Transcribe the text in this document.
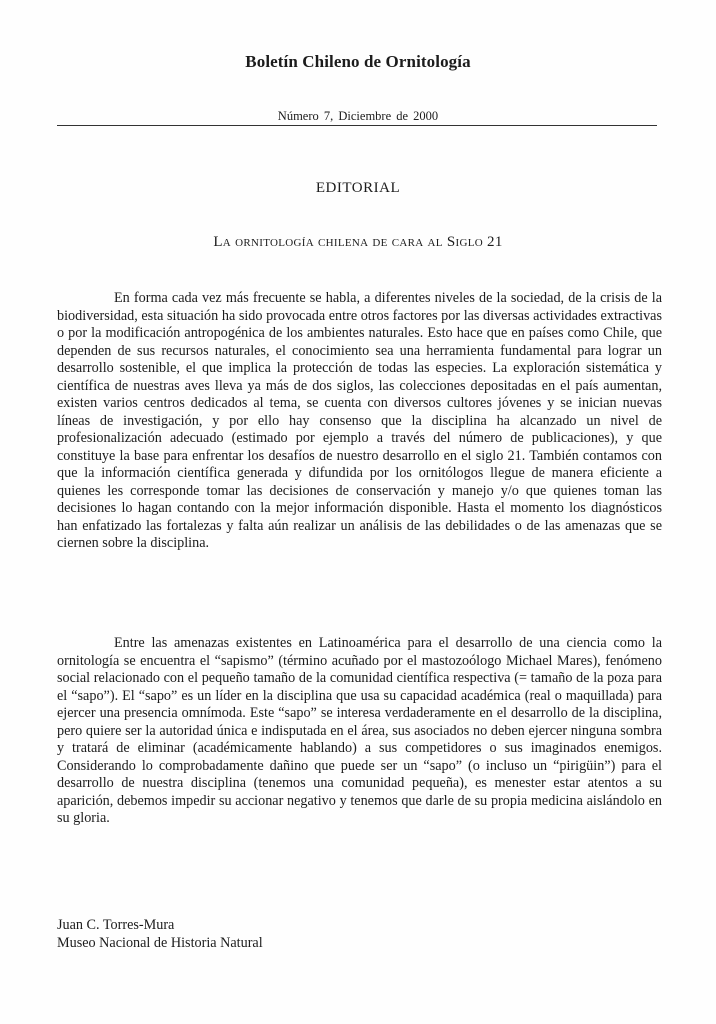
Boletín Chileno de Ornitología
Número 7, Diciembre de 2000
EDITORIAL
La ornitología chilena de cara al Siglo 21

En forma cada vez más frecuente se habla, a diferentes niveles de la sociedad, de la crisis de la biodiversidad, esta situación ha sido provocada entre otros factores por las diversas actividades extractivas o por la modificación antropogénica de los ambientes naturales. Esto hace que en países como Chile, que dependen de sus recursos naturales, el conocimiento sea una herramienta fundamental para lograr un desarrollo sostenible, el que implica la protección de todas las especies. La exploración sistemática y científica de nuestras aves lleva ya más de dos siglos, las colecciones depositadas en el país aumentan, existen varios centros dedicados al tema, se cuenta con diversos cultores jóvenes y se inician nuevas líneas de investigación, y por ello hay consenso que la disciplina ha alcanzado un nivel de profesionalización adecuado (estimado por ejemplo a través del número de publicaciones), y que constituye la base para enfrentar los desafíos de nuestro desarrollo en el siglo 21. También contamos con que la información científica generada y difundida por los ornitólogos llegue de manera eficiente a quienes les corresponde tomar las decisiones de conservación y manejo y/o que quienes toman las decisiones lo hagan contando con la mejor información disponible. Hasta el momento los diagnósticos han enfatizado las fortalezas y falta aún realizar un análisis de las debilidades o de las amenazas que se ciernen sobre la disciplina.

Entre las amenazas existentes en Latinoamérica para el desarrollo de una ciencia como la ornitología se encuentra el “sapismo” (término acuñado por el mastozoólogo Michael Mares), fenómeno social relacionado con el pequeño tamaño de la comunidad científica respectiva (= tamaño de la poza para el “sapo”). El “sapo” es un líder en la disciplina que usa su capacidad académica (real o maquillada) para ejercer una presencia omnímoda. Este “sapo” se interesa verdaderamente en el desarrollo de la disciplina, pero quiere ser la autoridad única e indisputada en el área, sus asociados no deben ejercer ninguna sombra y tratará de eliminar (académicamente hablando) a sus competidores o sus imaginados enemigos. Considerando lo comprobadamente dañino que puede ser un “sapo” (o incluso un “pirigüin”) para el desarrollo de nuestra disciplina (tenemos una comunidad pequeña), es menester estar atentos a su aparición, debemos impedir su accionar negativo y tenemos que darle de su propia medicina aislándolo en su gloria.

Juan C. Torres-Mura
Museo Nacional de Historia Natural
